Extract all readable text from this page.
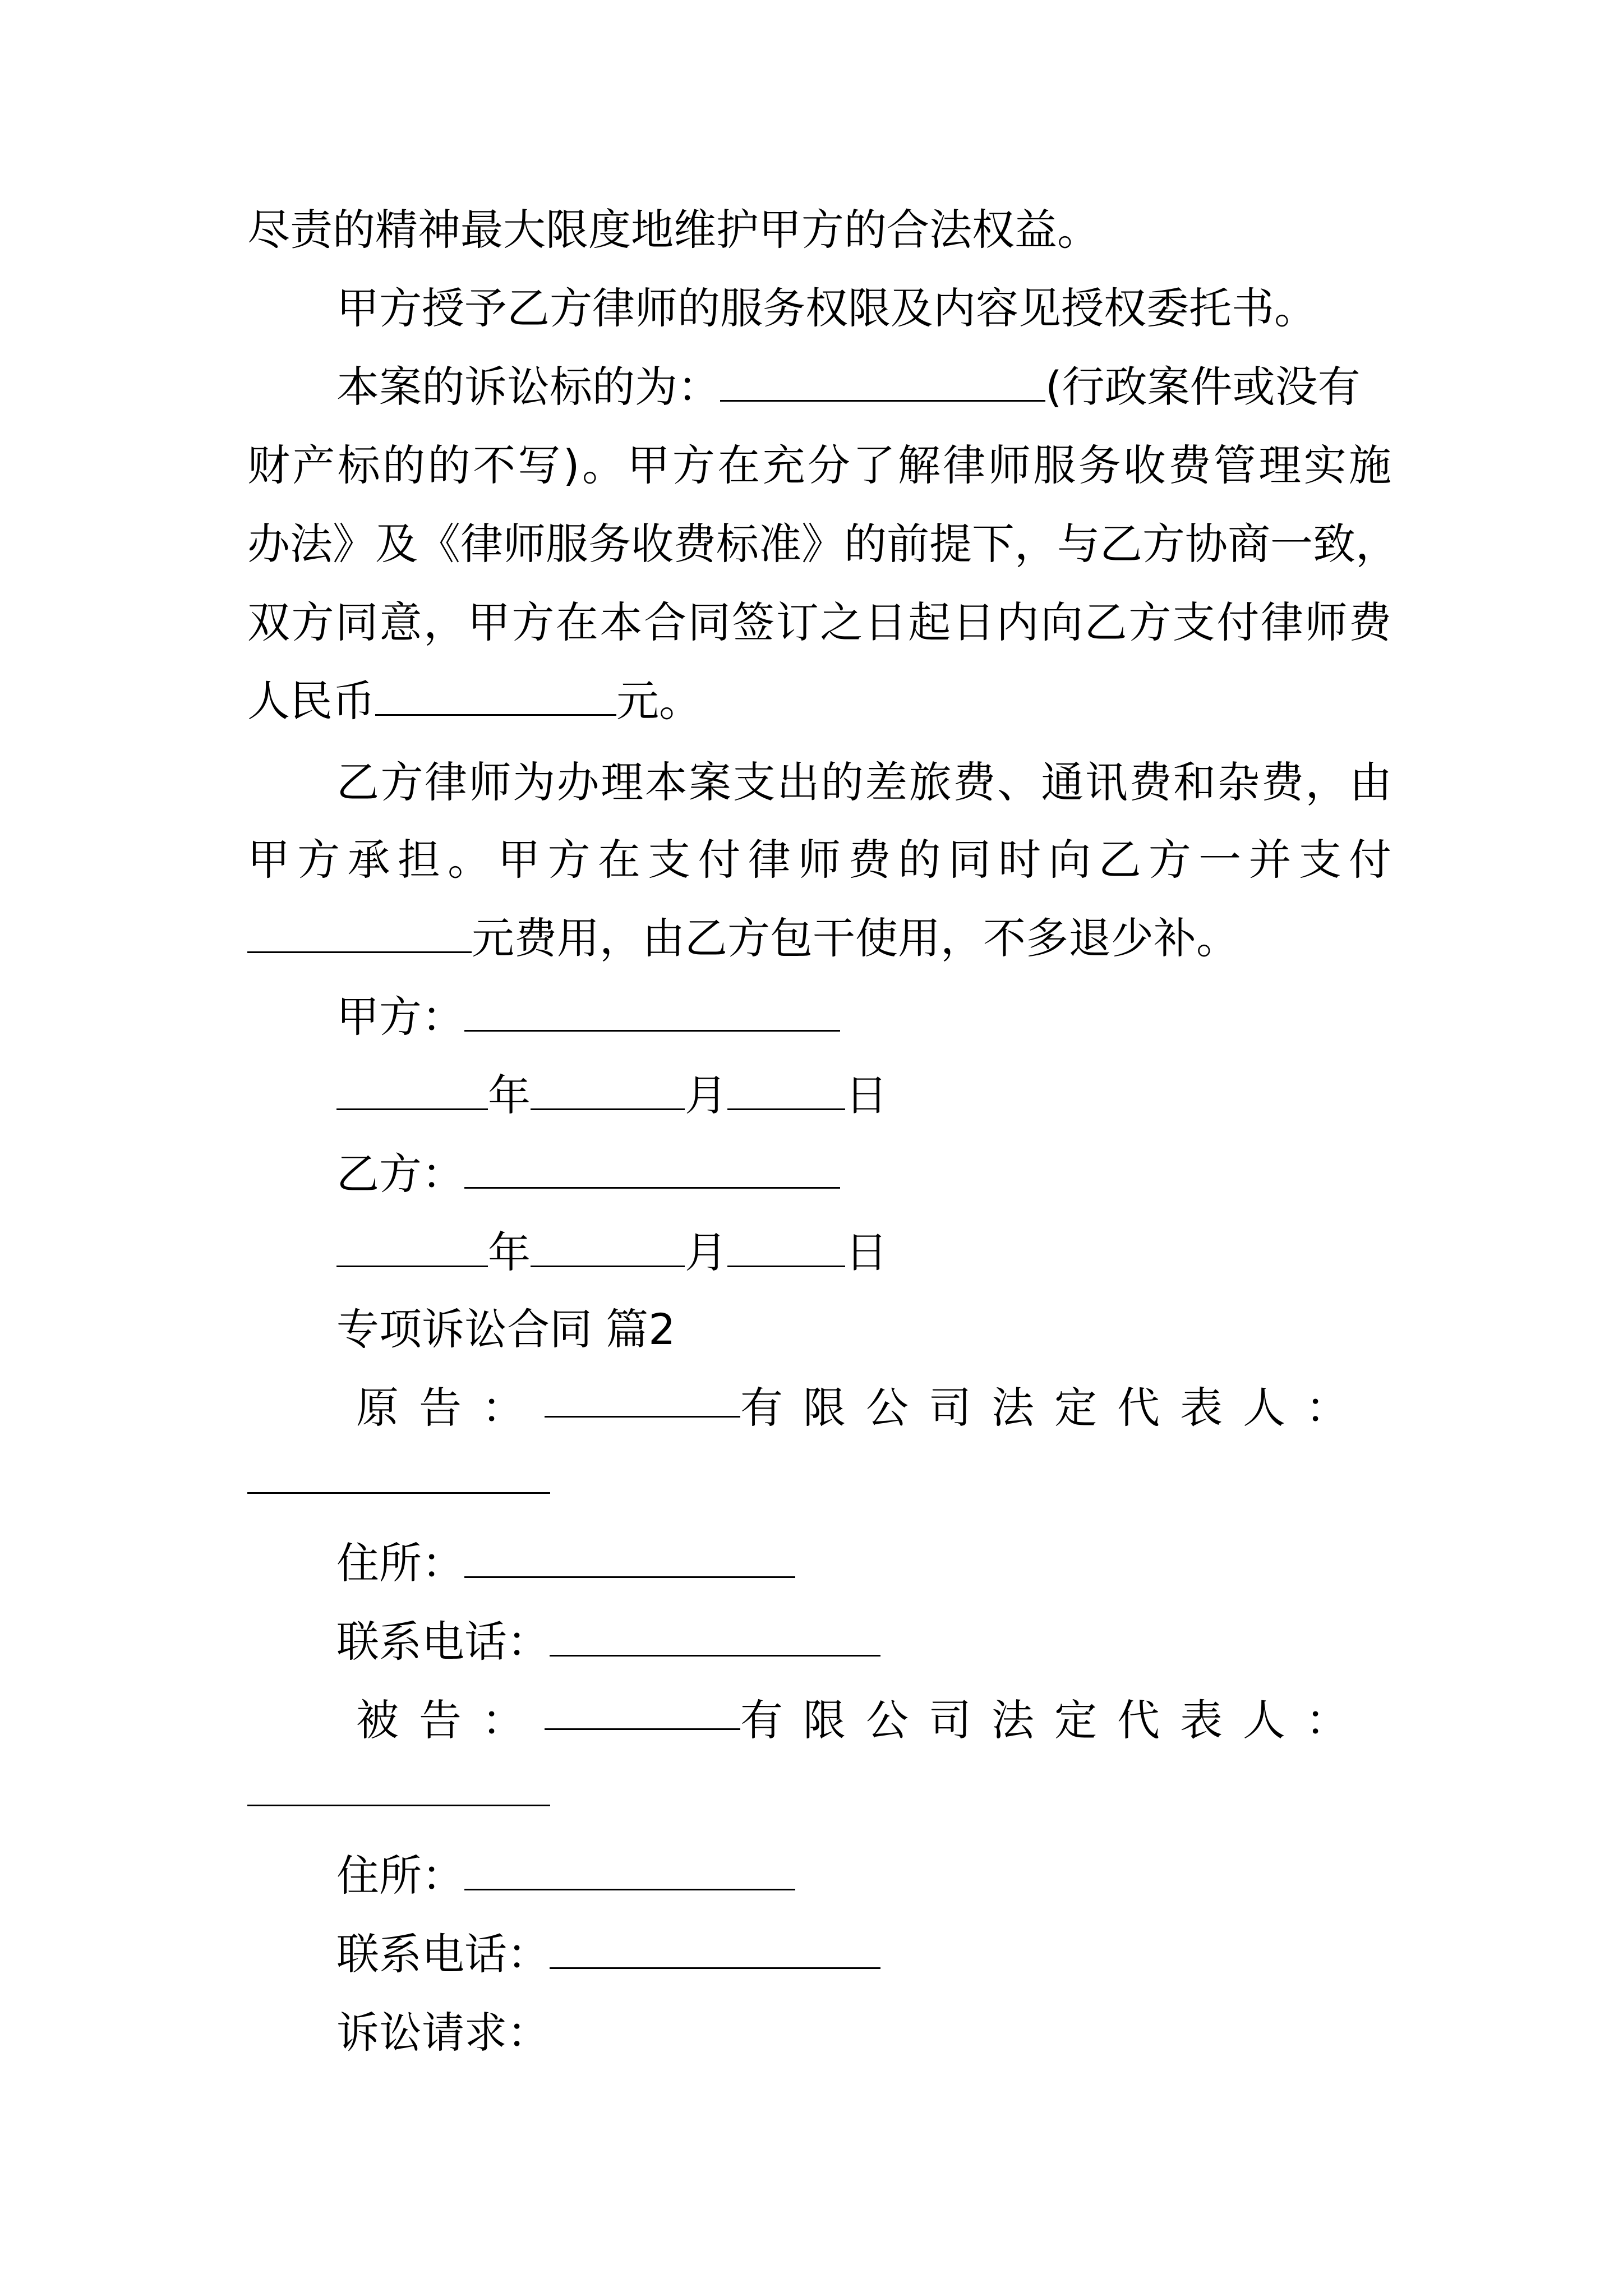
尽责的精神最大限度地维护甲方的合法权益。
甲方授予乙方律师的服务权限及内容见授权委托书。
本案的诉讼标的为：	(行政案件或没有
财产标的的不写)。甲方在充分了解律师服务收费管理实施
办法》及《律师服务收费标准》的前提下，与乙方协商一致，
双方同意，甲方在本合同签订之日起日内向乙方支付律师费
人民币	元。
乙方律师为办理本案支出的差旅费、通讯费和杂费，由
甲方承担。甲方在支付律师费的同时向乙方一并支付
元费用，由乙方包干使用，不多退少补。
甲方：
年	月	日
乙方：
年	月	日
专项诉讼合同 篇2
原告：	有限公司法定代表人：
住所：
联系电话：
被告：	有限公司法定代表人：
住所：
联系电话：
诉讼请求：
